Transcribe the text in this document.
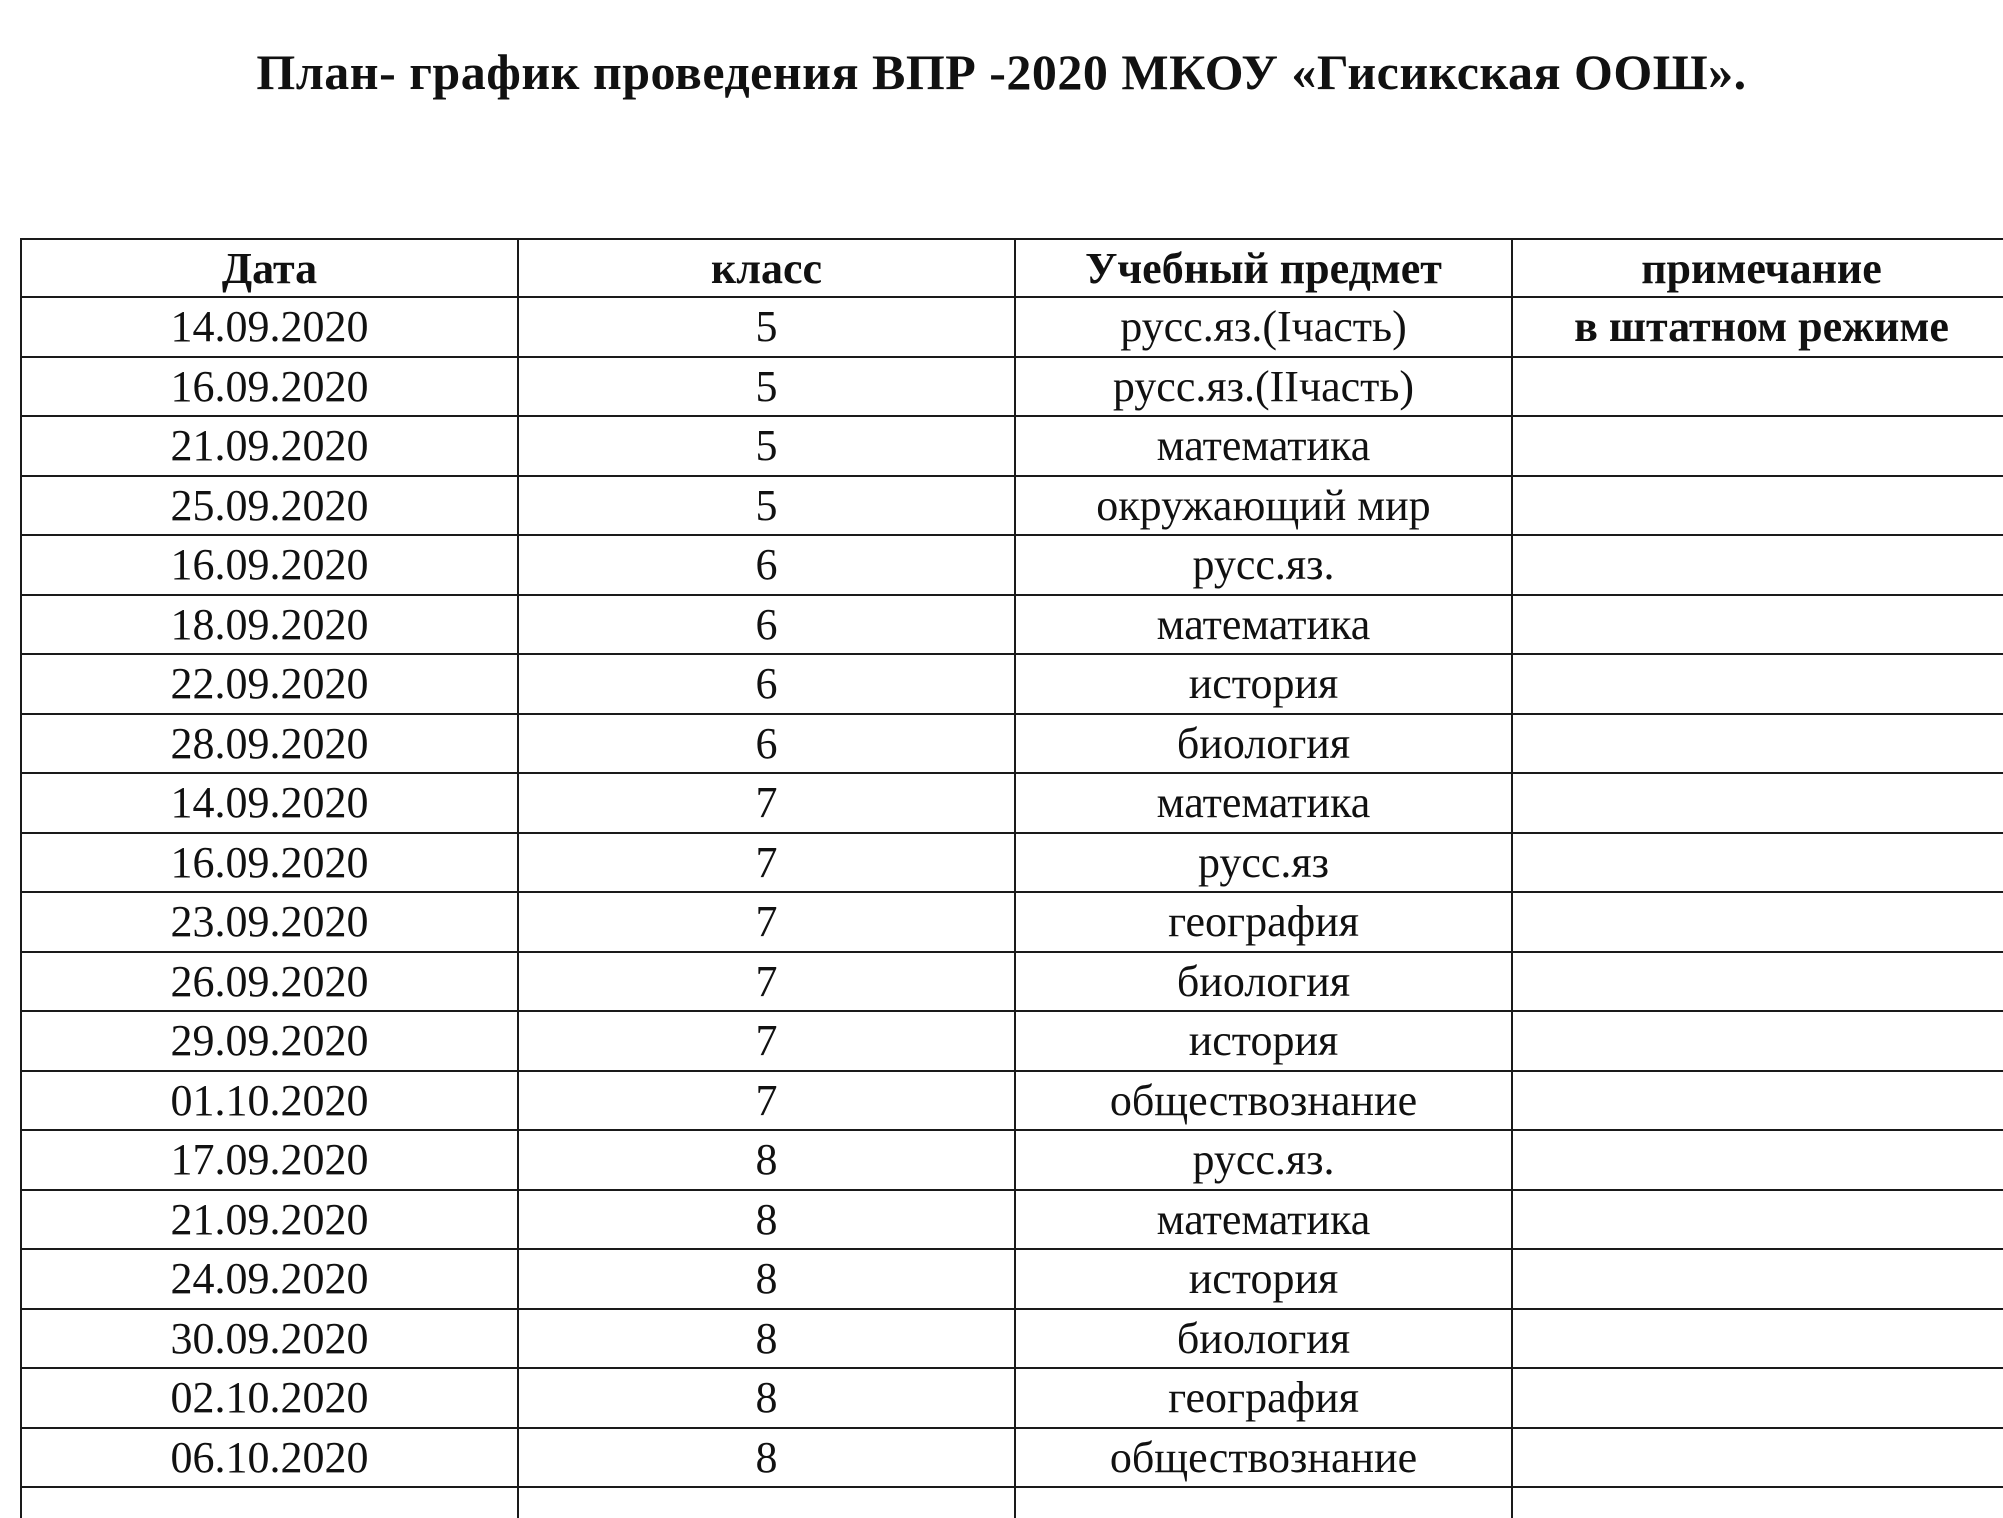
План- график проведения ВПР -2020 МКОУ «Гисикская ООШ».
Дата	класс	Учебный предмет	примечание
14.09.2020	5	русс.яз.(Iчасть)	в штатном режиме
16.09.2020	5	русс.яз.(IIчасть)	
21.09.2020	5	математика	
25.09.2020	5	окружающий мир	
16.09.2020	6	русс.яз.	
18.09.2020	6	математика	
22.09.2020	6	история	
28.09.2020	6	биология	
14.09.2020	7	математика	
16.09.2020	7	русс.яз	
23.09.2020	7	география	
26.09.2020	7	биология	
29.09.2020	7	история	
01.10.2020	7	обществознание	
17.09.2020	8	русс.яз.	
21.09.2020	8	математика	
24.09.2020	8	история	
30.09.2020	8	биология	
02.10.2020	8	география	
06.10.2020	8	обществознание	
